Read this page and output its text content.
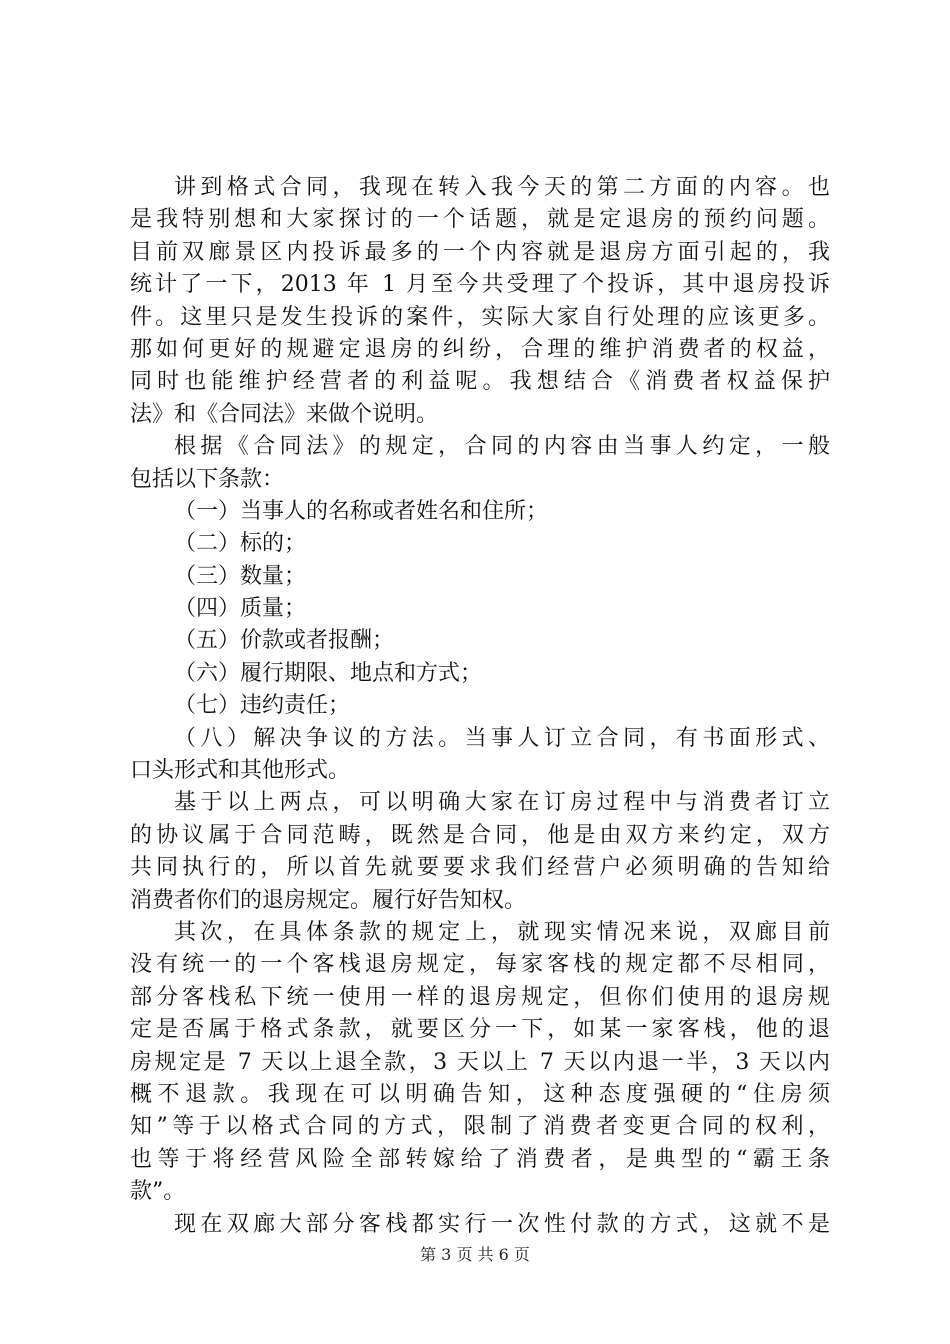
讲到格式合同，我现在转入我今天的第二方面的内容。也
是我特别想和大家探讨的一个话题，就是定退房的预约问题。
目前双廊景区内投诉最多的一个内容就是退房方面引起的，我
统计了一下，2013 年 1 月至今共受理了个投诉，其中退房投诉
件。这里只是发生投诉的案件，实际大家自行处理的应该更多。
那如何更好的规避定退房的纠纷，合理的维护消费者的权益，
同时也能维护经营者的利益呢。我想结合《消费者权益保护
法》和《合同法》来做个说明。
根据《合同法》的规定，合同的内容由当事人约定，一般
包括以下条款：
（一）当事人的名称或者姓名和住所；
（二）标的；
（三）数量；
（四）质量；
（五）价款或者报酬；
（六）履行期限、地点和方式；
（七）违约责任；
（八）解决争议的方法。当事人订立合同，有书面形式、
口头形式和其他形式。
基于以上两点，可以明确大家在订房过程中与消费者订立
的协议属于合同范畴，既然是合同，他是由双方来约定，双方
共同执行的，所以首先就要要求我们经营户必须明确的告知给
消费者你们的退房规定。履行好告知权。
其次，在具体条款的规定上，就现实情况来说，双廊目前
没有统一的一个客栈退房规定，每家客栈的规定都不尽相同，
部分客栈私下统一使用一样的退房规定，但你们使用的退房规
定是否属于格式条款，就要区分一下，如某一家客栈，他的退
房规定是 7 天以上退全款，3 天以上 7 天以内退一半，3 天以内
概不退款。我现在可以明确告知，这种态度强硬的“住房须
知”等于以格式合同的方式，限制了消费者变更合同的权利，
也等于将经营风险全部转嫁给了消费者，是典型的“霸王条
款”。
现在双廊大部分客栈都实行一次性付款的方式，这就不是
第 3 页 共 6 页
